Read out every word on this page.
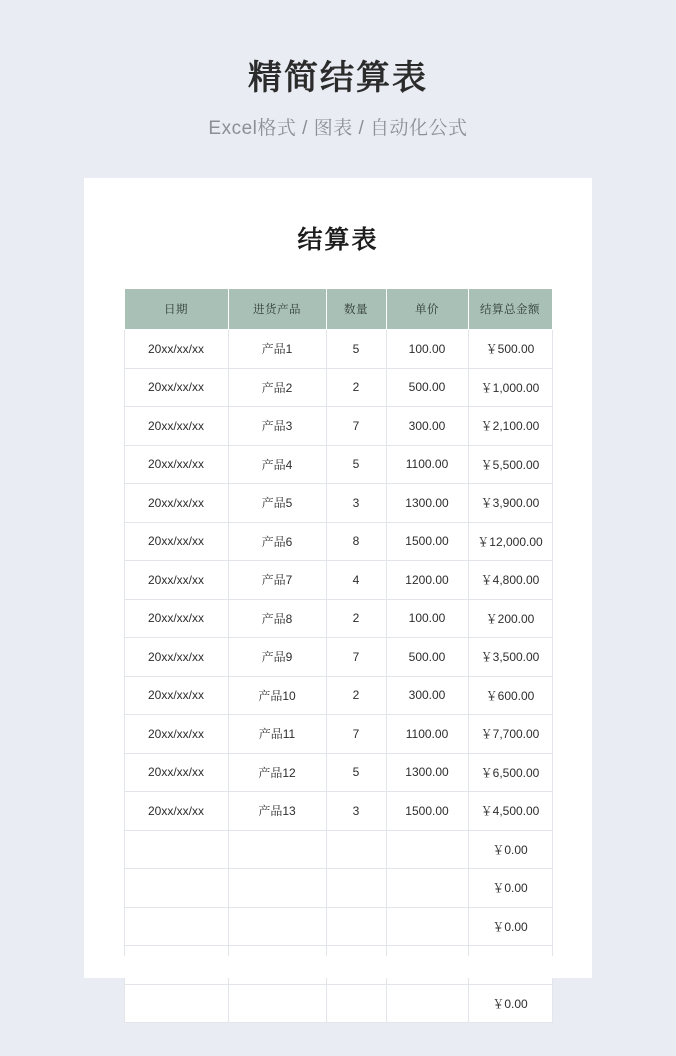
精简结算表
Excel格式 / 图表 / 自动化公式
结算表
日期	进货产品	数量	单价	结算总金额
20xx/xx/xx	产品1	5	100.00	￥500.00
20xx/xx/xx	产品2	2	500.00	￥1,000.00
20xx/xx/xx	产品3	7	300.00	￥2,100.00
20xx/xx/xx	产品4	5	1100.00	￥5,500.00
20xx/xx/xx	产品5	3	1300.00	￥3,900.00
20xx/xx/xx	产品6	8	1500.00	￥12,000.00
20xx/xx/xx	产品7	4	1200.00	￥4,800.00
20xx/xx/xx	产品8	2	100.00	￥200.00
20xx/xx/xx	产品9	7	500.00	￥3,500.00
20xx/xx/xx	产品10	2	300.00	￥600.00
20xx/xx/xx	产品11	7	1100.00	￥7,700.00
20xx/xx/xx	产品12	5	1300.00	￥6,500.00
20xx/xx/xx	产品13	3	1500.00	￥4,500.00
				￥0.00
				￥0.00
				￥0.00

				￥0.00
